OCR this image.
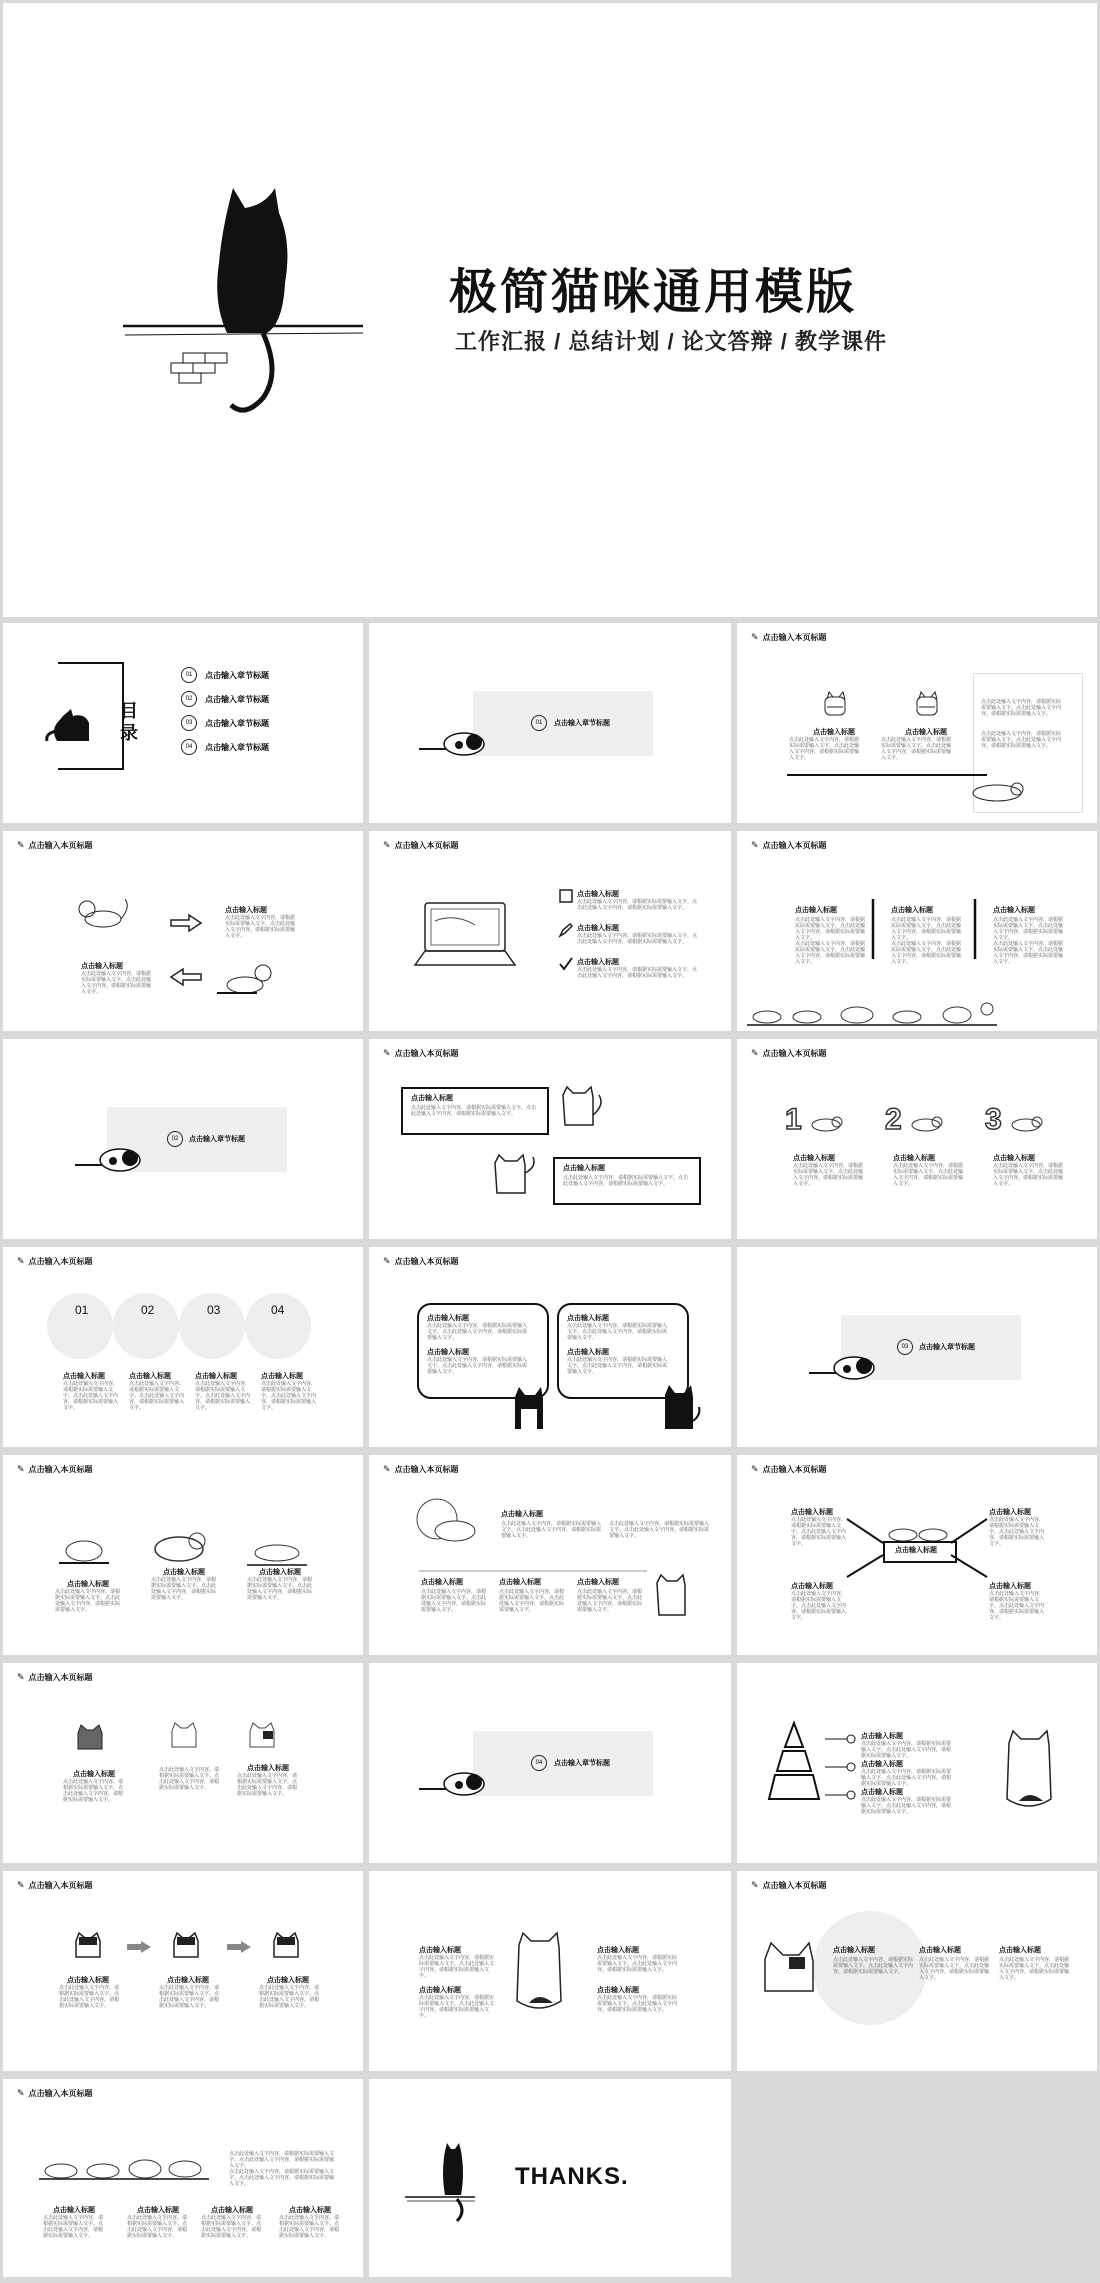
极简猫咪通用模版
工作汇报 / 总结计划 / 论文答辩 / 教学课件
目录
01	点击输入章节标题
02	点击输入章节标题
03	点击输入章节标题
04	点击输入章节标题
01	点击输入章节标题
✎ 点击输入本页标题
点击输入标题
点击此处输入文字内容，请根据实际需要输入文字。点击此处输入文字内容，请根据实际需要输入文字。
点击输入标题
点击此处输入文字内容，请根据实际需要输入文字。点击此处输入文字内容，请根据实际需要输入文字。
点击此处输入文字内容，请根据实际需要输入文字。点击此处输入文字内容，请根据实际需要输入文字。
点击此处输入文字内容，请根据实际需要输入文字。点击此处输入文字内容，请根据实际需要输入文字。
✎ 点击输入本页标题
点击输入标题
点击此处输入文字内容，请根据实际需要输入文字。点击此处输入文字内容，请根据实际需要输入文字。
点击输入标题
点击此处输入文字内容，请根据实际需要输入文字。点击此处输入文字内容，请根据实际需要输入文字。
✎ 点击输入本页标题
点击输入标题
点击此处输入文字内容，请根据实际需要输入文字。点击此处输入文字内容，请根据实际需要输入文字。
点击输入标题
点击此处输入文字内容，请根据实际需要输入文字。点击此处输入文字内容，请根据实际需要输入文字。
点击输入标题
点击此处输入文字内容，请根据实际需要输入文字。点击此处输入文字内容，请根据实际需要输入文字。
✎ 点击输入本页标题
点击输入标题
点击此处输入文字内容，请根据实际需要输入文字。点击此处输入文字内容，请根据实际需要输入文字。
点击此处输入文字内容，请根据实际需要输入文字。点击此处输入文字内容，请根据实际需要输入文字。
点击输入标题
点击此处输入文字内容，请根据实际需要输入文字。点击此处输入文字内容，请根据实际需要输入文字。
点击此处输入文字内容，请根据实际需要输入文字。点击此处输入文字内容，请根据实际需要输入文字。
点击输入标题
点击此处输入文字内容，请根据实际需要输入文字。点击此处输入文字内容，请根据实际需要输入文字。
点击此处输入文字内容，请根据实际需要输入文字。点击此处输入文字内容，请根据实际需要输入文字。
02	点击输入章节标题
✎ 点击输入本页标题
点击输入标题
点击此处输入文字内容，请根据实际需要输入文字。点击此处输入文字内容，请根据实际需要输入文字。
点击输入标题
点击此处输入文字内容，请根据实际需要输入文字。点击此处输入文字内容，请根据实际需要输入文字。
✎ 点击输入本页标题
1
点击输入标题
点击此处输入文字内容，请根据实际需要输入文字。点击此处输入文字内容，请根据实际需要输入文字。
2
点击输入标题
点击此处输入文字内容，请根据实际需要输入文字。点击此处输入文字内容，请根据实际需要输入文字。
3
点击输入标题
点击此处输入文字内容，请根据实际需要输入文字。点击此处输入文字内容，请根据实际需要输入文字。
✎ 点击输入本页标题
01	02	03	04
点击输入标题
点击此处输入文字内容，请根据实际需要输入文字。点击此处输入文字内容，请根据实际需要输入文字。
点击输入标题
点击此处输入文字内容，请根据实际需要输入文字。点击此处输入文字内容，请根据实际需要输入文字。
点击输入标题
点击此处输入文字内容，请根据实际需要输入文字。点击此处输入文字内容，请根据实际需要输入文字。
点击输入标题
点击此处输入文字内容，请根据实际需要输入文字。点击此处输入文字内容，请根据实际需要输入文字。
✎ 点击输入本页标题
点击输入标题
点击此处输入文字内容，请根据实际需要输入文字。点击此处输入文字内容，请根据实际需要输入文字。
点击输入标题
点击此处输入文字内容，请根据实际需要输入文字。点击此处输入文字内容，请根据实际需要输入文字。
点击输入标题
点击此处输入文字内容，请根据实际需要输入文字。点击此处输入文字内容，请根据实际需要输入文字。
点击输入标题
点击此处输入文字内容，请根据实际需要输入文字。点击此处输入文字内容，请根据实际需要输入文字。
03	点击输入章节标题
✎ 点击输入本页标题
点击输入标题
点击此处输入文字内容，请根据实际需要输入文字。点击此处输入文字内容，请根据实际需要输入文字。
点击输入标题
点击此处输入文字内容，请根据实际需要输入文字。点击此处输入文字内容，请根据实际需要输入文字。
点击输入标题
点击此处输入文字内容，请根据实际需要输入文字。点击此处输入文字内容，请根据实际需要输入文字。
✎ 点击输入本页标题
点击输入标题
点击此处输入文字内容，请根据实际需要输入文字。点击此处输入文字内容，请根据实际需要输入文字。
点击此处输入文字内容，请根据实际需要输入文字。点击此处输入文字内容，请根据实际需要输入文字。
点击输入标题
点击此处输入文字内容，请根据实际需要输入文字。点击此处输入文字内容，请根据实际需要输入文字。
点击输入标题
点击此处输入文字内容，请根据实际需要输入文字。点击此处输入文字内容，请根据实际需要输入文字。
点击输入标题
点击此处输入文字内容，请根据实际需要输入文字。点击此处输入文字内容，请根据实际需要输入文字。
✎ 点击输入本页标题
点击输入标题
点击输入标题
点击此处输入文字内容，请根据实际需要输入文字。点击此处输入文字内容，请根据实际需要输入文字。
点击输入标题
点击此处输入文字内容，请根据实际需要输入文字。点击此处输入文字内容，请根据实际需要输入文字。
点击输入标题
点击此处输入文字内容，请根据实际需要输入文字。点击此处输入文字内容，请根据实际需要输入文字。
点击输入标题
点击此处输入文字内容，请根据实际需要输入文字。点击此处输入文字内容，请根据实际需要输入文字。
✎ 点击输入本页标题
点击输入标题
点击此处输入文字内容，请根据实际需要输入文字。点击此处输入文字内容，请根据实际需要输入文字。
点击此处输入文字内容，请根据实际需要输入文字。点击此处输入文字内容，请根据实际需要输入文字。
点击输入标题
点击此处输入文字内容，请根据实际需要输入文字。点击此处输入文字内容，请根据实际需要输入文字。
04	点击输入章节标题
点击输入标题
点击此处输入文字内容，请根据实际需要输入文字。点击此处输入文字内容，请根据实际需要输入文字。
点击输入标题
点击此处输入文字内容，请根据实际需要输入文字。点击此处输入文字内容，请根据实际需要输入文字。
点击输入标题
点击此处输入文字内容，请根据实际需要输入文字。点击此处输入文字内容，请根据实际需要输入文字。
✎ 点击输入本页标题
点击输入标题
点击此处输入文字内容，请根据实际需要输入文字。点击此处输入文字内容，请根据实际需要输入文字。
点击输入标题
点击此处输入文字内容，请根据实际需要输入文字。点击此处输入文字内容，请根据实际需要输入文字。
点击输入标题
点击此处输入文字内容，请根据实际需要输入文字。点击此处输入文字内容，请根据实际需要输入文字。
点击输入标题
点击此处输入文字内容，请根据实际需要输入文字。点击此处输入文字内容，请根据实际需要输入文字。
点击输入标题
点击此处输入文字内容，请根据实际需要输入文字。点击此处输入文字内容，请根据实际需要输入文字。
点击输入标题
点击此处输入文字内容，请根据实际需要输入文字。点击此处输入文字内容，请根据实际需要输入文字。
点击输入标题
点击此处输入文字内容，请根据实际需要输入文字。点击此处输入文字内容，请根据实际需要输入文字。
✎ 点击输入本页标题
点击输入标题
点击此处输入文字内容，请根据实际需要输入文字。点击此处输入文字内容，请根据实际需要输入文字。
点击输入标题
点击此处输入文字内容，请根据实际需要输入文字。点击此处输入文字内容，请根据实际需要输入文字。
点击输入标题
点击此处输入文字内容，请根据实际需要输入文字。点击此处输入文字内容，请根据实际需要输入文字。
✎ 点击输入本页标题
点击此处输入文字内容，请根据实际需要输入文字。点击此处输入文字内容，请根据实际需要输入文字。
点击此处输入文字内容，请根据实际需要输入文字。点击此处输入文字内容，请根据实际需要输入文字。
点击输入标题
点击此处输入文字内容，请根据实际需要输入文字。点击此处输入文字内容，请根据实际需要输入文字。
点击输入标题
点击此处输入文字内容，请根据实际需要输入文字。点击此处输入文字内容，请根据实际需要输入文字。
点击输入标题
点击此处输入文字内容，请根据实际需要输入文字。点击此处输入文字内容，请根据实际需要输入文字。
点击输入标题
点击此处输入文字内容，请根据实际需要输入文字。点击此处输入文字内容，请根据实际需要输入文字。
THANKS.
